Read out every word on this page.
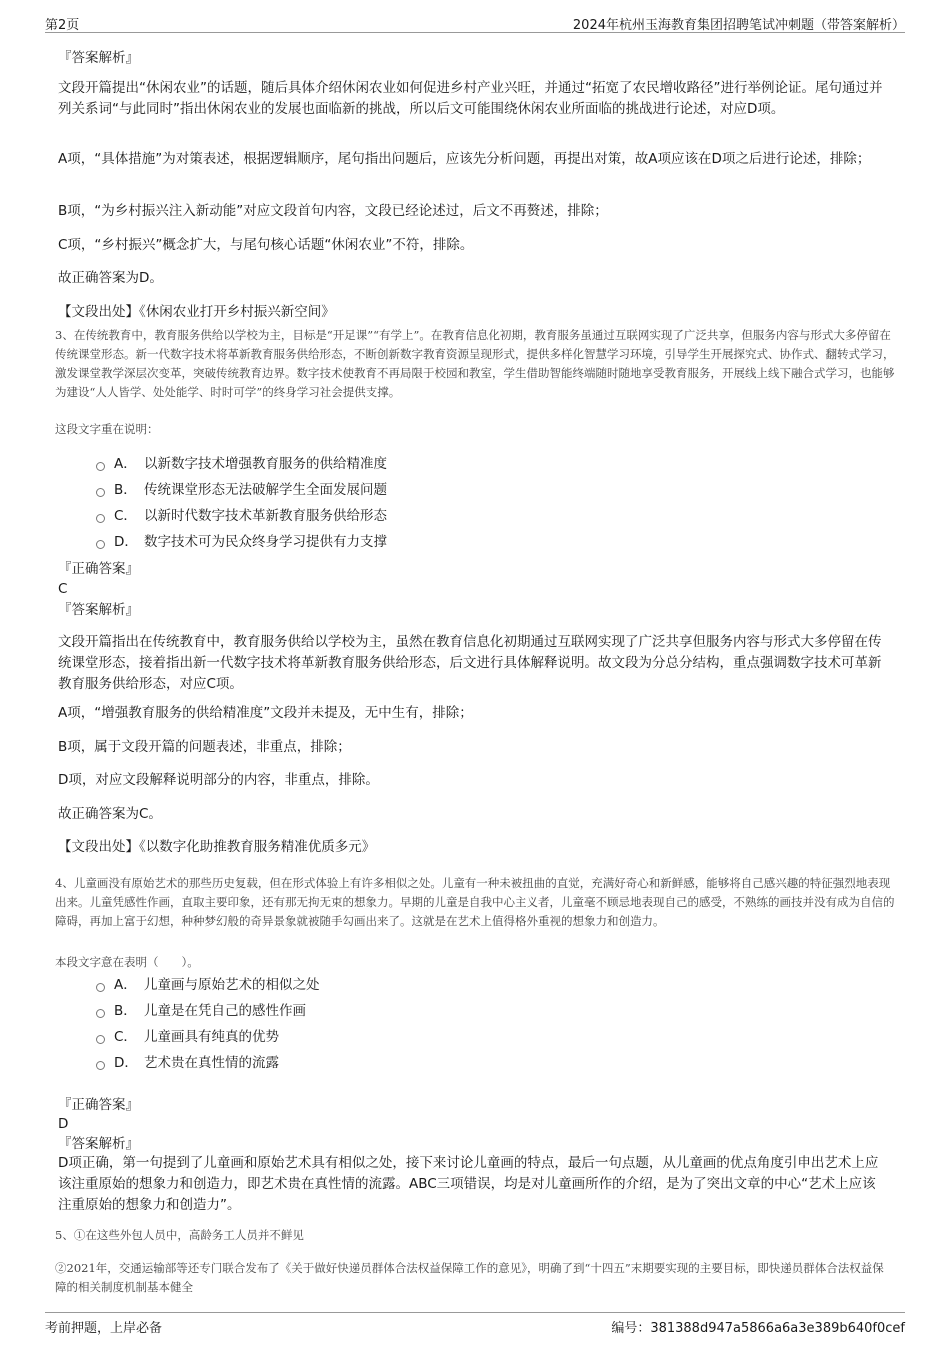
第2页	2024年杭州玉海教育集团招聘笔试冲刺题（带答案解析）

『答案解析』

文段开篇提出“休闲农业”的话题，随后具体介绍休闲农业如何促进乡村产业兴旺，并通过“拓宽了农民增收路径”进行举例论证。尾句通过并列关系词“与此同时”指出休闲农业的发展也面临新的挑战，所以后文可能围绕休闲农业所面临的挑战进行论述，对应D项。

A项，“具体措施”为对策表述，根据逻辑顺序，尾句指出问题后，应该先分析问题，再提出对策，故A项应该在D项之后进行论述，排除；

B项，“为乡村振兴注入新动能”对应文段首句内容，文段已经论述过，后文不再赘述，排除；

C项，“乡村振兴”概念扩大，与尾句核心话题“休闲农业”不符，排除。

故正确答案为D。

【文段出处】《休闲农业打开乡村振兴新空间》

3、在传统教育中，教育服务供给以学校为主，目标是“开足课”“有学上”。在教育信息化初期，教育服务虽通过互联网实现了广泛共享，但服务内容与形式大多停留在传统课堂形态。新一代数字技术将革新教育服务供给形态，不断创新数字教育资源呈现形式，提供多样化智慧学习环境，引导学生开展探究式、协作式、翻转式学习，激发课堂教学深层次变革，突破传统教育边界。数字技术使教育不再局限于校园和教室，学生借助智能终端随时随地享受教育服务，开展线上线下融合式学习，也能够为建设“人人皆学、处处能学、时时可学”的终身学习社会提供支撑。

这段文字重在说明：

A． 以新数字技术增强教育服务的供给精准度
B． 传统课堂形态无法破解学生全面发展问题
C． 以新时代数字技术革新教育服务供给形态
D． 数字技术可为民众终身学习提供有力支撑

『正确答案』

C

『答案解析』

文段开篇指出在传统教育中，教育服务供给以学校为主，虽然在教育信息化初期通过互联网实现了广泛共享但服务内容与形式大多停留在传统课堂形态，接着指出新一代数字技术将革新教育服务供给形态，后文进行具体解释说明。故文段为分总分结构，重点强调数字技术可革新教育服务供给形态，对应C项。

A项，“增强教育服务的供给精准度”文段并未提及，无中生有，排除；

B项，属于文段开篇的问题表述，非重点，排除；

D项，对应文段解释说明部分的内容，非重点，排除。

故正确答案为C。

【文段出处】《以数字化助推教育服务精准优质多元》

4、儿童画没有原始艺术的那些历史复载，但在形式体验上有许多相似之处。儿童有一种未被扭曲的直觉，充满好奇心和新鲜感，能够将自己感兴趣的特征强烈地表现出来。儿童凭感性作画，直取主要印象，还有那无拘无束的想象力。早期的儿童是自我中心主义者，儿童毫不顾忌地表现自己的感受，不熟练的画技并没有成为自信的障碍，再加上富于幻想，种种梦幻般的奇异景象就被随手勾画出来了。这就是在艺术上值得格外重视的想象力和创造力。

本段文字意在表明（　　）。

A． 儿童画与原始艺术的相似之处
B． 儿童是在凭自己的感性作画
C． 儿童画具有纯真的优势
D． 艺术贵在真性情的流露

『正确答案』

D

『答案解析』

D项正确，第一句提到了儿童画和原始艺术具有相似之处，接下来讨论儿童画的特点，最后一句点题，从儿童画的优点角度引申出艺术上应该注重原始的想象力和创造力，即艺术贵在真性情的流露。ABC三项错误，均是对儿童画所作的介绍，是为了突出文章的中心“艺术上应该注重原始的想象力和创造力”。

5、①在这些外包人员中，高龄务工人员并不鲜见

②2021年，交通运输部等还专门联合发布了《关于做好快递员群体合法权益保障工作的意见》，明确了到“十四五”末期要实现的主要目标，即快递员群体合法权益保障的相关制度机制基本健全

考前押题，上岸必备	编号：381388d947a5866a6a3e389b640f0cef
